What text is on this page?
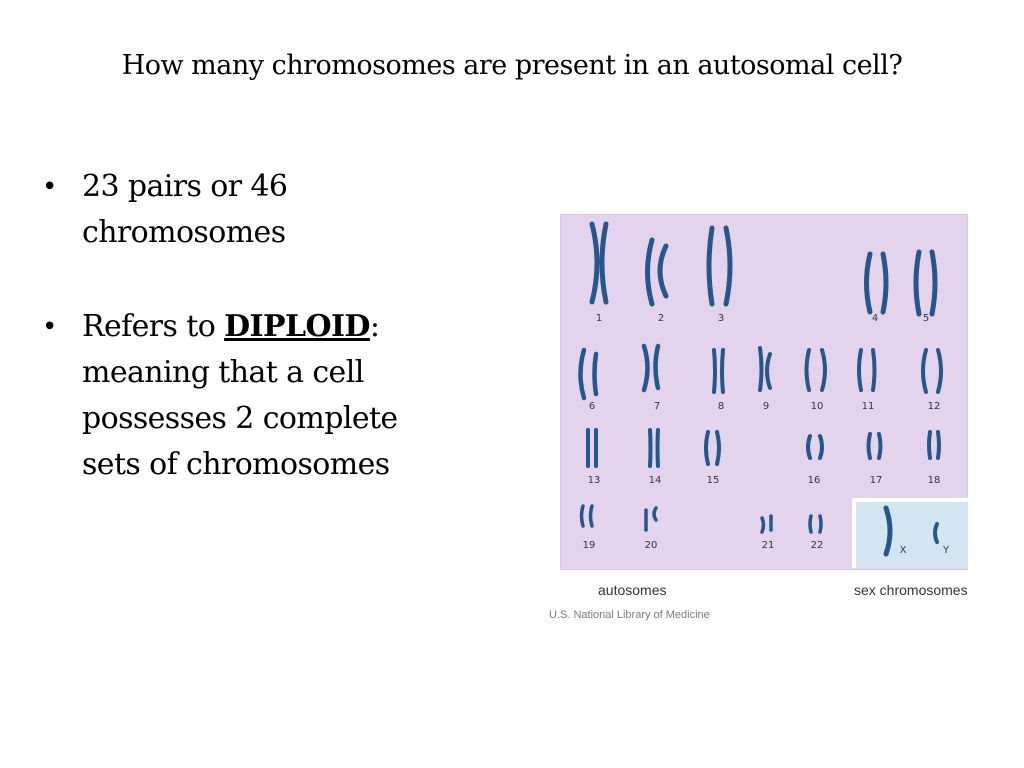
How many chromosomes are present in an autosomal cell?
• 23 pairs or 46 chromosomes
• Refers to DIPLOID: meaning that a cell possesses 2 complete sets of chromosomes
1	2	3	4	5
6	7	8	9	10	11	12
13	14	15	16	17	18
19	20	21	22	X	Y
autosomes	sex chromosomes
U.S. National Library of Medicine
